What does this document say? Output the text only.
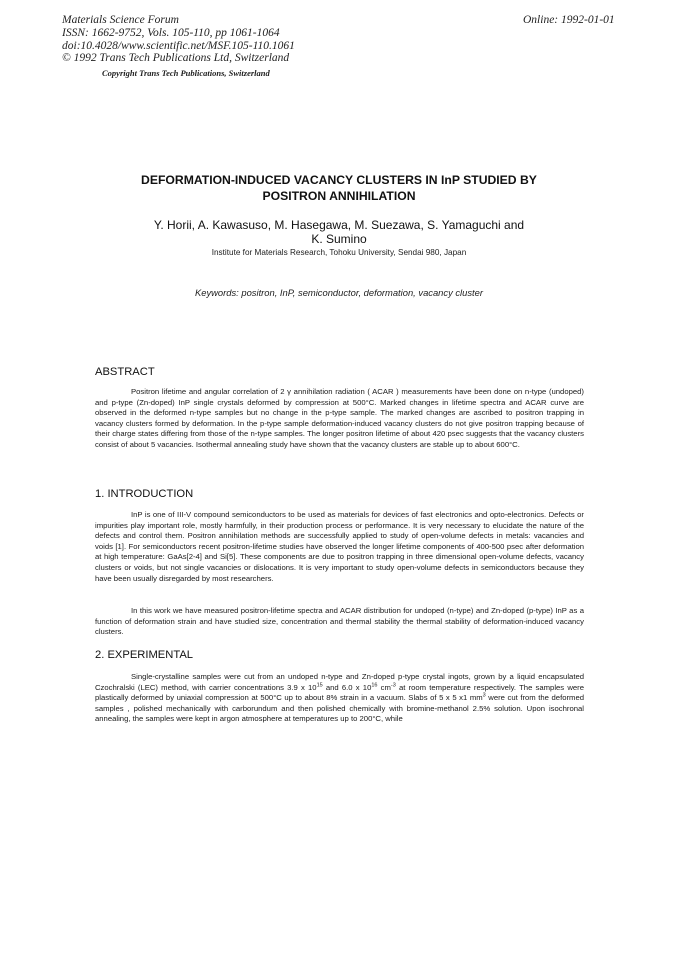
Materials Science Forum
ISSN: 1662-9752, Vols. 105-110, pp 1061-1064
doi:10.4028/www.scientific.net/MSF.105-110.1061
© 1992 Trans Tech Publications Ltd, Switzerland
Online: 1992-01-01
Copyright Trans Tech Publications, Switzerland
DEFORMATION-INDUCED VACANCY CLUSTERS IN InP STUDIED BY
POSITRON ANNIHILATION
Y. Horii, A. Kawasuso, M. Hasegawa, M. Suezawa, S. Yamaguchi and
K. Sumino
Institute for Materials Research, Tohoku University, Sendai 980, Japan
Keywords: positron, InP, semiconductor, deformation, vacancy cluster
ABSTRACT
Positron lifetime and angular correlation of 2 γ annihilation radiation ( ACAR ) measurements have been done on n-type (undoped) and p-type (Zn-doped) InP single crystals deformed by compression at 500°C. Marked changes in lifetime spectra and ACAR curve are observed in the deformed n-type samples but no change in the p-type sample. The marked changes are ascribed to positron trapping in vacancy clusters formed by deformation. In the p-type sample deformation-induced vacancy clusters do not give positron trapping because of their charge states differing from those of the n-type samples. The longer positron lifetime of about 420 psec suggests that the vacancy clusters consist of about 5 vacancies. Isothermal annealing study have shown that the vacancy clusters are stable up to about 600°C.
1. INTRODUCTION
InP is one of III-V compound semiconductors to be used as materials for devices of fast electronics and opto-electronics. Defects or impurities play important role, mostly harmfully, in their production process or performance. It is very necessary to elucidate the nature of the defects and control them. Positron annihilation methods are successfully applied to study of open-volume defects in metals: vacancies and voids [1]. For semiconductors recent positron-lifetime studies have observed the longer lifetime components of 400-500 psec after deformation at high temperature: GaAs[2-4] and Si[5]. These components are due to positron trapping in three dimensional open-volume defects, vacancy clusters or voids, but not single vacancies or dislocations. It is very important to study open-volume defects in semiconductors because they have been usually disregarded by most researchers.
In this work we have measured positron-lifetime spectra and ACAR distribution for undoped (n-type) and Zn-doped (p-type) InP as a function of deformation strain and have studied size, concentration and thermal stability the thermal stability of deformation-induced vacancy clusters.
2. EXPERIMENTAL
Single-crystalline samples were cut from an undoped n-type and Zn-doped p-type crystal ingots, grown by a liquid encapsulated Czochralski (LEC) method, with carrier concentrations 3.9 x $10^{15}$ and 6.0 x $10^{16}$ $cm^{-3}$ at room temperature respectively. The samples were plastically deformed by uniaxial compression at 500°C up to about 8% strain in a vacuum. Slabs of 5 x 5 x1 $mm^3$ were cut from the deformed samples , polished mechanically with carborundum and then polished chemically with bromine-methanol 2.5% solution. Upon isochronal annealing, the samples were kept in argon atmosphere at temperatures up to 200°C, while
